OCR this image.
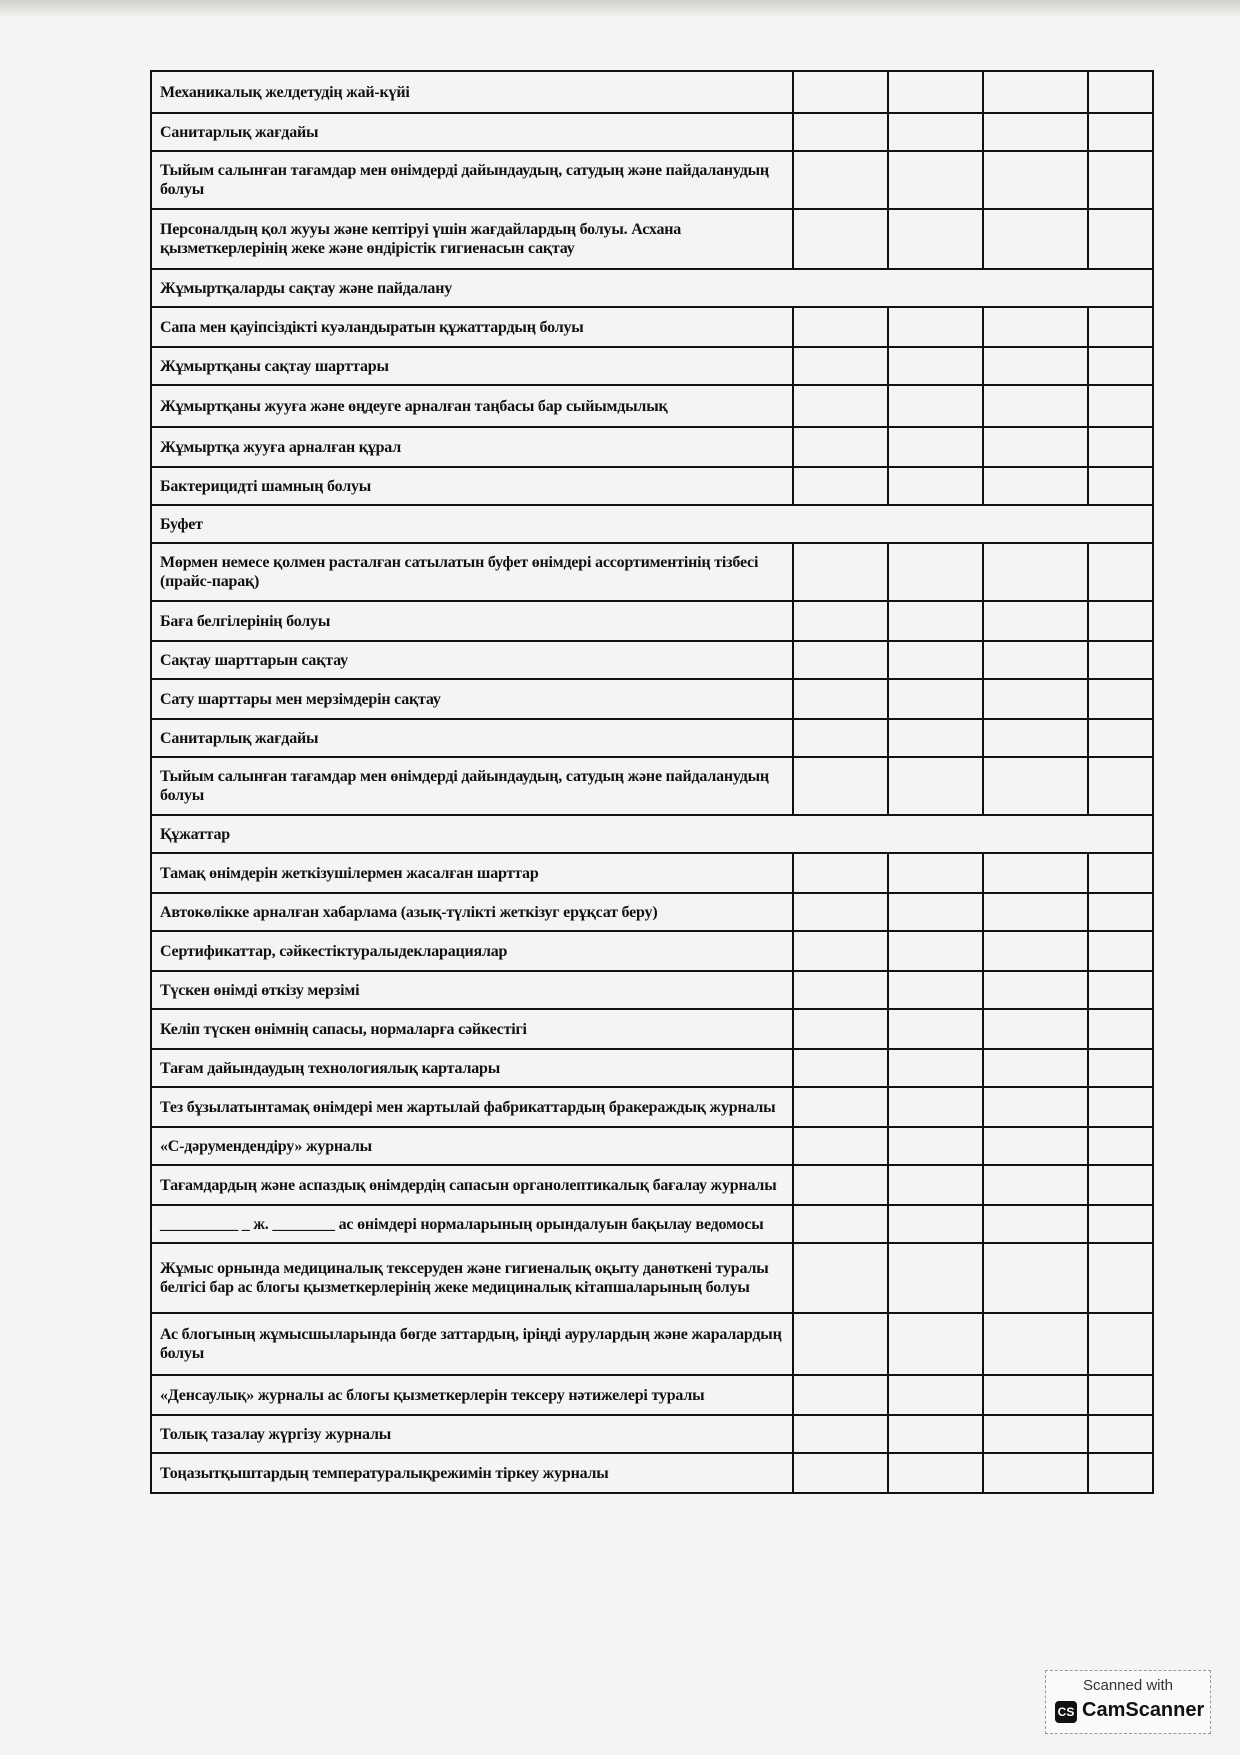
Механикалық желдетудің жай-күйі				
Санитарлық жағдайы				
Тыйым салынған тағамдар мен өнімдерді дайындаудың, сатудың және пайдаланудың болуы				
Персоналдың қол жууы және кептіруі үшін жағдайлардың болуы. Асхана қызметкерлерінің жеке және өндірістік гигиенасын сақтау				
Жұмыртқаларды сақтау және пайдалану				
Сапа мен қауіпсіздікті куәландыратын құжаттардың болуы				
Жұмыртқаны сақтау шарттары				
Жұмыртқаны жууға және өңдеуге арналған таңбасы бар сыйымдылық				
Жұмыртқа жууға арналған құрал				
Бактерицидті шамның болуы				
Буфет				
Мөрмен немесе қолмен расталған сатылатын буфет өнімдері ассортиментінің тізбесі (прайс-парақ)				
Баға белгілерінің болуы				
Сақтау шарттарын сақтау				
Сату шарттары мен мерзімдерін сақтау				
Санитарлық жағдайы				
Тыйым салынған тағамдар мен өнімдерді дайындаудың, сатудың және пайдаланудың болуы				
Құжаттар				
Тамақ өнімдерін жеткізушілермен жасалған шарттар				
Автокөлікке арналған хабарлама (азық-түлікті жеткізуг ерұқсат беру)				
Сертификаттар, сәйкестіктуралыдекларациялар				
Түскен өнімді өткізу мерзімі				
Келіп түскен өнімнің сапасы, нормаларға сәйкестігі				
Тағам дайындаудың технологиялық карталары				
Тез бұзылатынтамақ өнімдері мен жартылай фабрикаттардың бракераждық журналы				
«С-дәрумендендіру» журналы				
Тағамдардың және аспаздық өнімдердің сапасын органолептикалық бағалау журналы				
__________ _ ж. ________ ас өнімдері нормаларының орындалуын бақылау ведомосы				
Жұмыс орнында медициналық тексеруден және гигиеналық оқыту данөткені туралы белгісі бар ас блогы қызметкерлерінің жеке медициналық кітапшаларының болуы				
Ас блогының жұмысшыларында бөгде заттардың, іріңді аурулардың және жаралардың болуы				
«Денсаулық» журналы ас блогы қызметкерлерін тексеру нәтижелері туралы				
Толық тазалау жүргізу журналы				
Тоңазытқыштардың температуралықрежимін тіркеу журналы				
Scanned with
CS CamScanner
